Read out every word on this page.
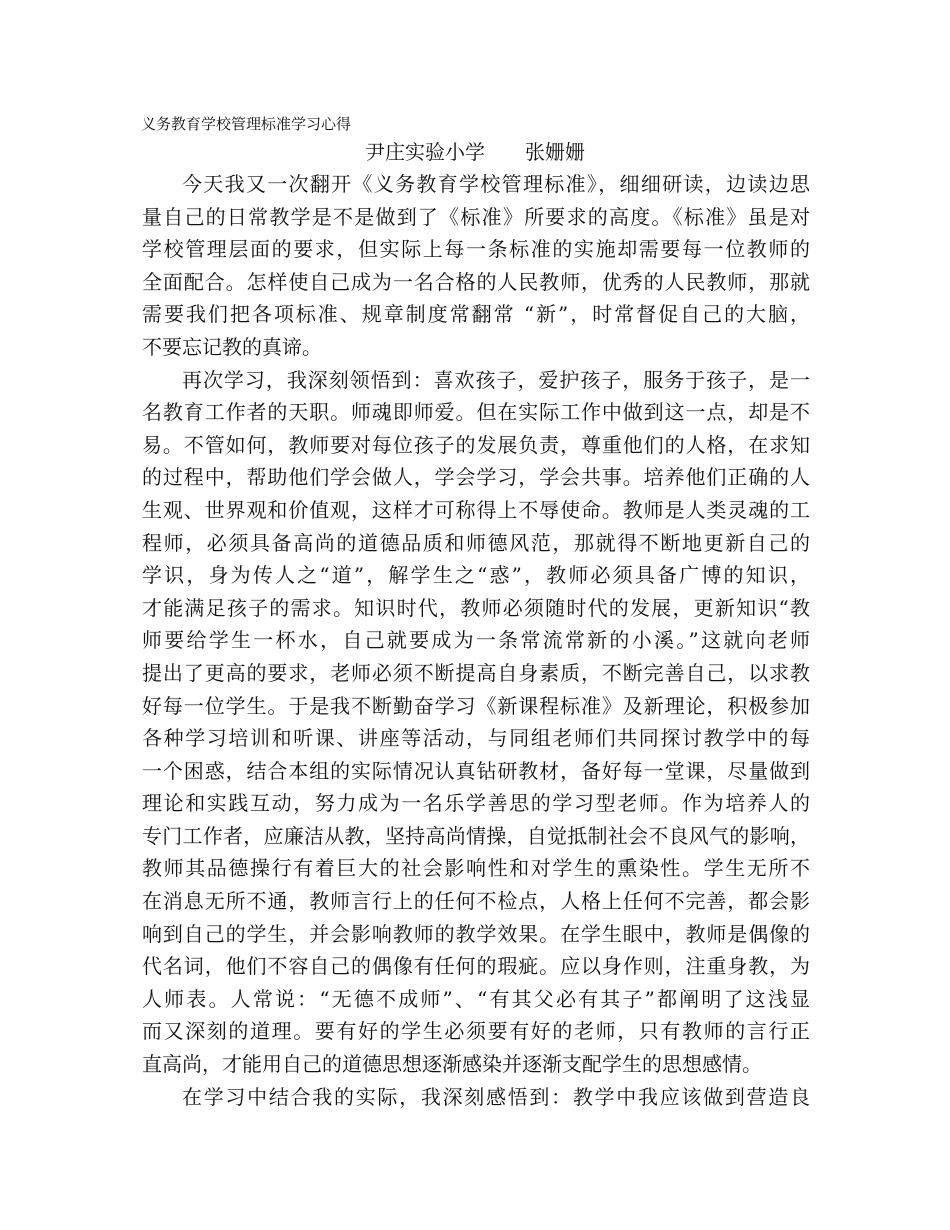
义务教育学校管理标准学习心得
尹庄实验小学 张姗姗
今天我又一次翻开《义务教育学校管理标准》，细细研读，边读边思
量自己的日常教学是不是做到了《标准》所要求的高度。《标准》虽是对
学校管理层面的要求，但实际上每一条标准的实施却需要每一位教师的
全面配合。怎样使自己成为一名合格的人民教师，优秀的人民教师，那就
需要我们把各项标准、规章制度常翻常 “新”，时常督促自己的大脑，
不要忘记教的真谛。
再次学习，我深刻领悟到：喜欢孩子，爱护孩子，服务于孩子，是一
名教育工作者的天职。师魂即师爱。但在实际工作中做到这一点，却是不
易。不管如何，教师要对每位孩子的发展负责，尊重他们的人格，在求知
的过程中，帮助他们学会做人，学会学习，学会共事。培养他们正确的人
生观、世界观和价值观，这样才可称得上不辱使命。教师是人类灵魂的工
程师，必须具备高尚的道德品质和师德风范，那就得不断地更新自己的
学识，身为传人之“道”，解学生之“惑”，教师必须具备广博的知识，
才能满足孩子的需求。知识时代，教师必须随时代的发展，更新知识“教
师要给学生一杯水，自己就要成为一条常流常新的小溪。”这就向老师
提出了更高的要求，老师必须不断提高自身素质，不断完善自己，以求教
好每一位学生。于是我不断勤奋学习《新课程标准》及新理论，积极参加
各种学习培训和听课、讲座等活动，与同组老师们共同探讨教学中的每
一个困惑，结合本组的实际情况认真钻研教材，备好每一堂课，尽量做到
理论和实践互动，努力成为一名乐学善思的学习型老师。作为培养人的
专门工作者，应廉洁从教，坚持高尚情操，自觉抵制社会不良风气的影响，
教师其品德操行有着巨大的社会影响性和对学生的熏染性。学生无所不
在消息无所不通，教师言行上的任何不检点，人格上任何不完善，都会影
响到自己的学生，并会影响教师的教学效果。在学生眼中，教师是偶像的
代名词，他们不容自己的偶像有任何的瑕疵。应以身作则，注重身教，为
人师表。人常说：“无德不成师”、“有其父必有其子”都阐明了这浅显
而又深刻的道理。要有好的学生必须要有好的老师，只有教师的言行正
直高尚，才能用自己的道德思想逐渐感染并逐渐支配学生的思想感情。
在学习中结合我的实际，我深刻感悟到：教学中我应该做到营造良
